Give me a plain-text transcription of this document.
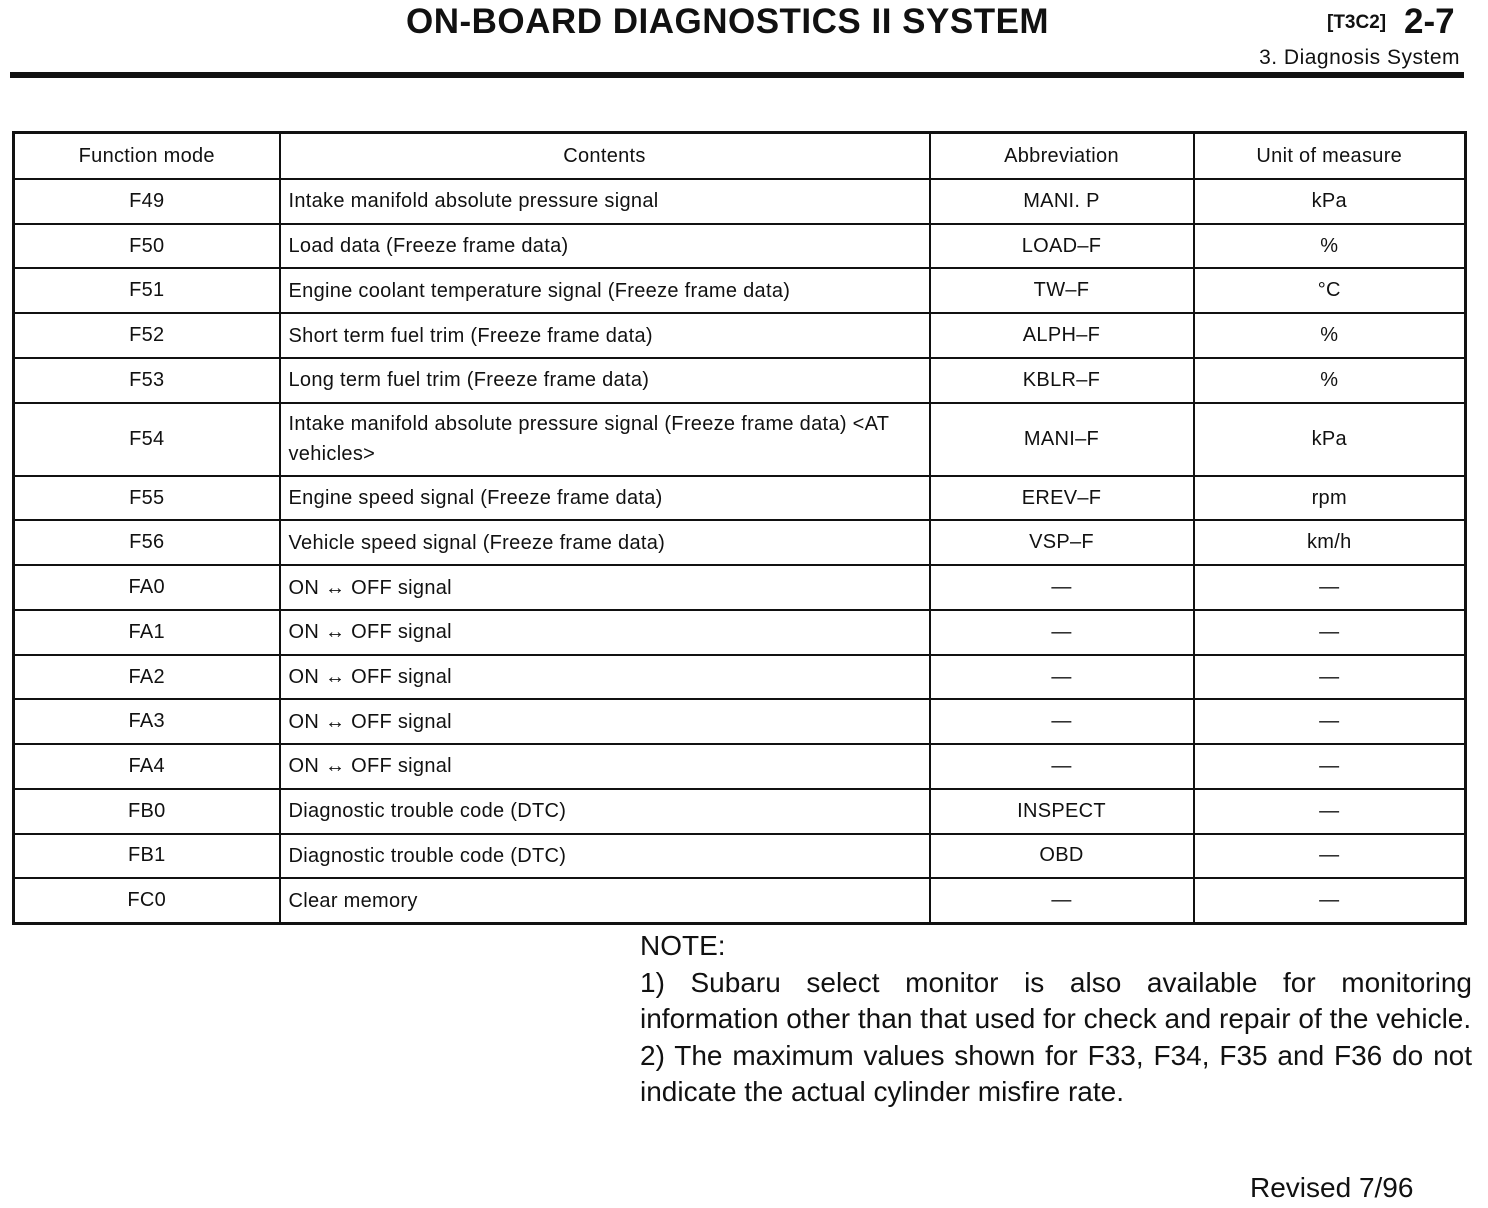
ON-BOARD DIAGNOSTICS II SYSTEM	[T3C2] 2-7
3. Diagnosis System
Function mode	Contents	Abbreviation	Unit of measure
F49	Intake manifold absolute pressure signal	MANI. P	kPa
F50	Load data (Freeze frame data)	LOAD–F	%
F51	Engine coolant temperature signal (Freeze frame data)	TW–F	°C
F52	Short term fuel trim (Freeze frame data)	ALPH–F	%
F53	Long term fuel trim (Freeze frame data)	KBLR–F	%
F54	Intake manifold absolute pressure signal (Freeze frame data) <AT vehicles>	MANI–F	kPa
F55	Engine speed signal (Freeze frame data)	EREV–F	rpm
F56	Vehicle speed signal (Freeze frame data)	VSP–F	km/h
FA0	ON ↔ OFF signal	—	—
FA1	ON ↔ OFF signal	—	—
FA2	ON ↔ OFF signal	—	—
FA3	ON ↔ OFF signal	—	—
FA4	ON ↔ OFF signal	—	—
FB0	Diagnostic trouble code (DTC)	INSPECT	—
FB1	Diagnostic trouble code (DTC)	OBD	—
FC0	Clear memory	—	—
NOTE:

1) Subaru select monitor is also available for monitoring information other than that used for check and repair of the vehicle.

2) The maximum values shown for F33, F34, F35 and F36 do not indicate the actual cylinder misfire rate.

Revised 7/96
